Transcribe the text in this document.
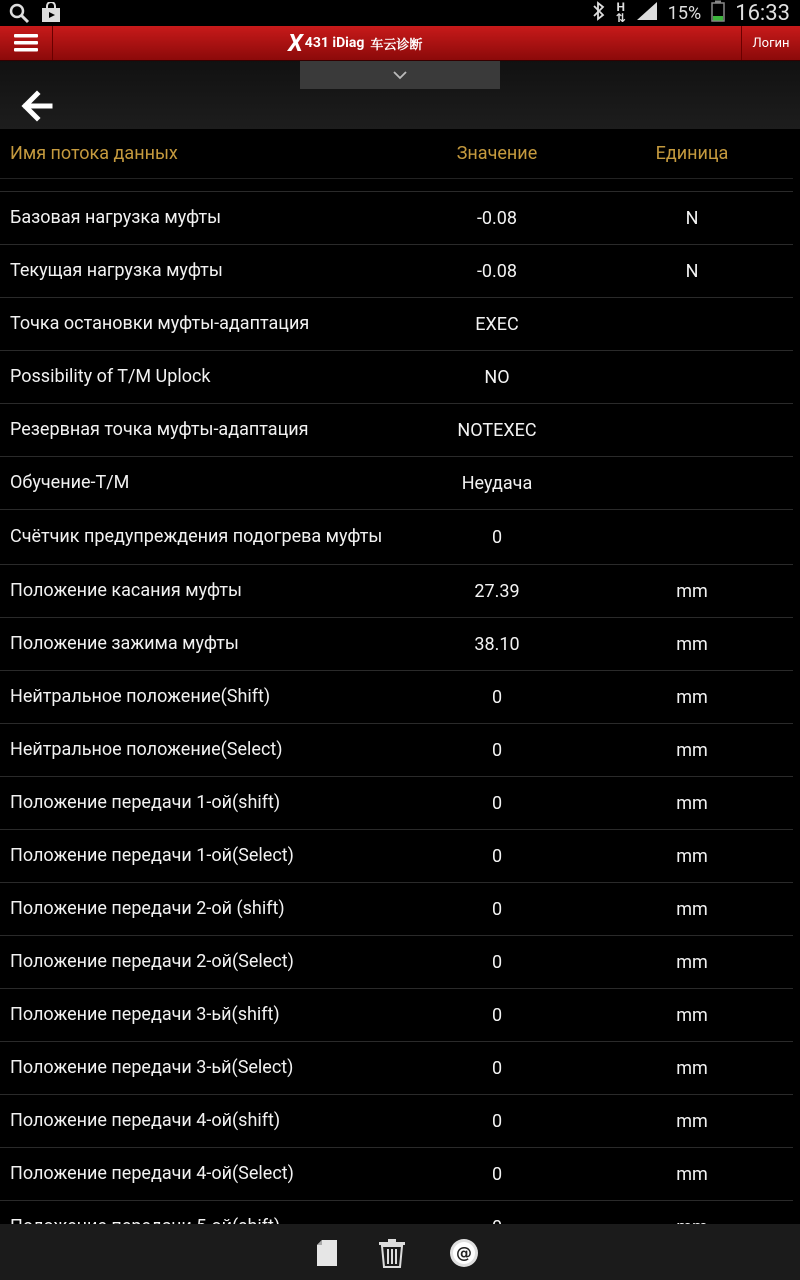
H
⇅ 15% 16:33
X 431 iDiag 车云诊断	Логин
Имя потока данных	Значение	Единица
Базовая нагрузка муфты	-0.08	N
Текущая нагрузка муфты	-0.08	N
Точка остановки муфты-адаптация	EXEC
Possibility of T/M Uplock	NO
Резервная точка муфты-адаптация	NOTEXEC
Обучение-T/M	Неудача
Счётчик предупреждения подогрева муфты	0
Положение касания муфты	27.39	mm
Положение зажима муфты	38.10	mm
Нейтральное положение(Shift)	0	mm
Нейтральное положение(Select)	0	mm
Положение передачи 1-ой(shift)	0	mm
Положение передачи 1-ой(Select)	0	mm
Положение передачи 2-ой (shift)	0	mm
Положение передачи 2-ой(Select)	0	mm
Положение передачи 3-ьй(shift)	0	mm
Положение передачи 3-ьй(Select)	0	mm
Положение передачи 4-ой(shift)	0	mm
Положение передачи 4-ой(Select)	0	mm
@
